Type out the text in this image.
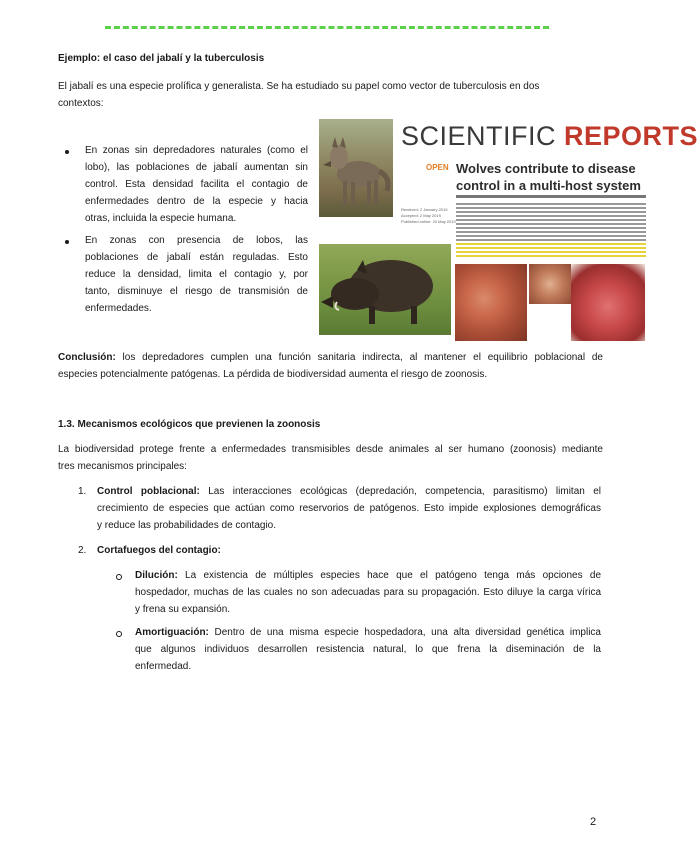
Ejemplo: el caso del jabalí y la tuberculosis
El jabalí es una especie prolífica y generalista. Se ha estudiado su papel como vector de tuberculosis en dos
contextos:
En zonas sin depredadores naturales (como el
lobo), las poblaciones de jabalí aumentan sin
control. Esta densidad facilita el contagio de
enfermedades dentro de la especie y hacia
otras, incluida la especie humana.
En zonas con presencia de lobos, las
poblaciones de jabalí están reguladas. Esto
reduce la densidad, limita el contagio y, por
tanto, disminuye el riesgo de transmisión de
enfermedades.
SCIENTIFIC REPORTS
OPEN Wolves contribute to disease control in a multi-host system
Received: 2 January 2019
Accepted: 2 May 2019
Published online: 20 May 2019
Conclusión: los depredadores cumplen una función sanitaria indirecta, al mantener el equilibrio poblacional de
especies potencialmente patógenas. La pérdida de biodiversidad aumenta el riesgo de zoonosis.
1.3. Mecanismos ecológicos que previenen la zoonosis
La biodiversidad protege frente a enfermedades transmisibles desde animales al ser humano (zoonosis) mediante
tres mecanismos principales:
1. Control poblacional: Las interacciones ecológicas (depredación, competencia, parasitismo) limitan el
crecimiento de especies que actúan como reservorios de patógenos. Esto impide explosiones demográficas
y reduce las probabilidades de contagio.
2. Cortafuegos del contagio:
Dilución: La existencia de múltiples especies hace que el patógeno tenga más opciones de
hospedador, muchas de las cuales no son adecuadas para su propagación. Esto diluye la carga vírica
y frena su expansión.
Amortiguación: Dentro de una misma especie hospedadora, una alta diversidad genética implica
que algunos individuos desarrollen resistencia natural, lo que frena la diseminación de la
enfermedad.
2
